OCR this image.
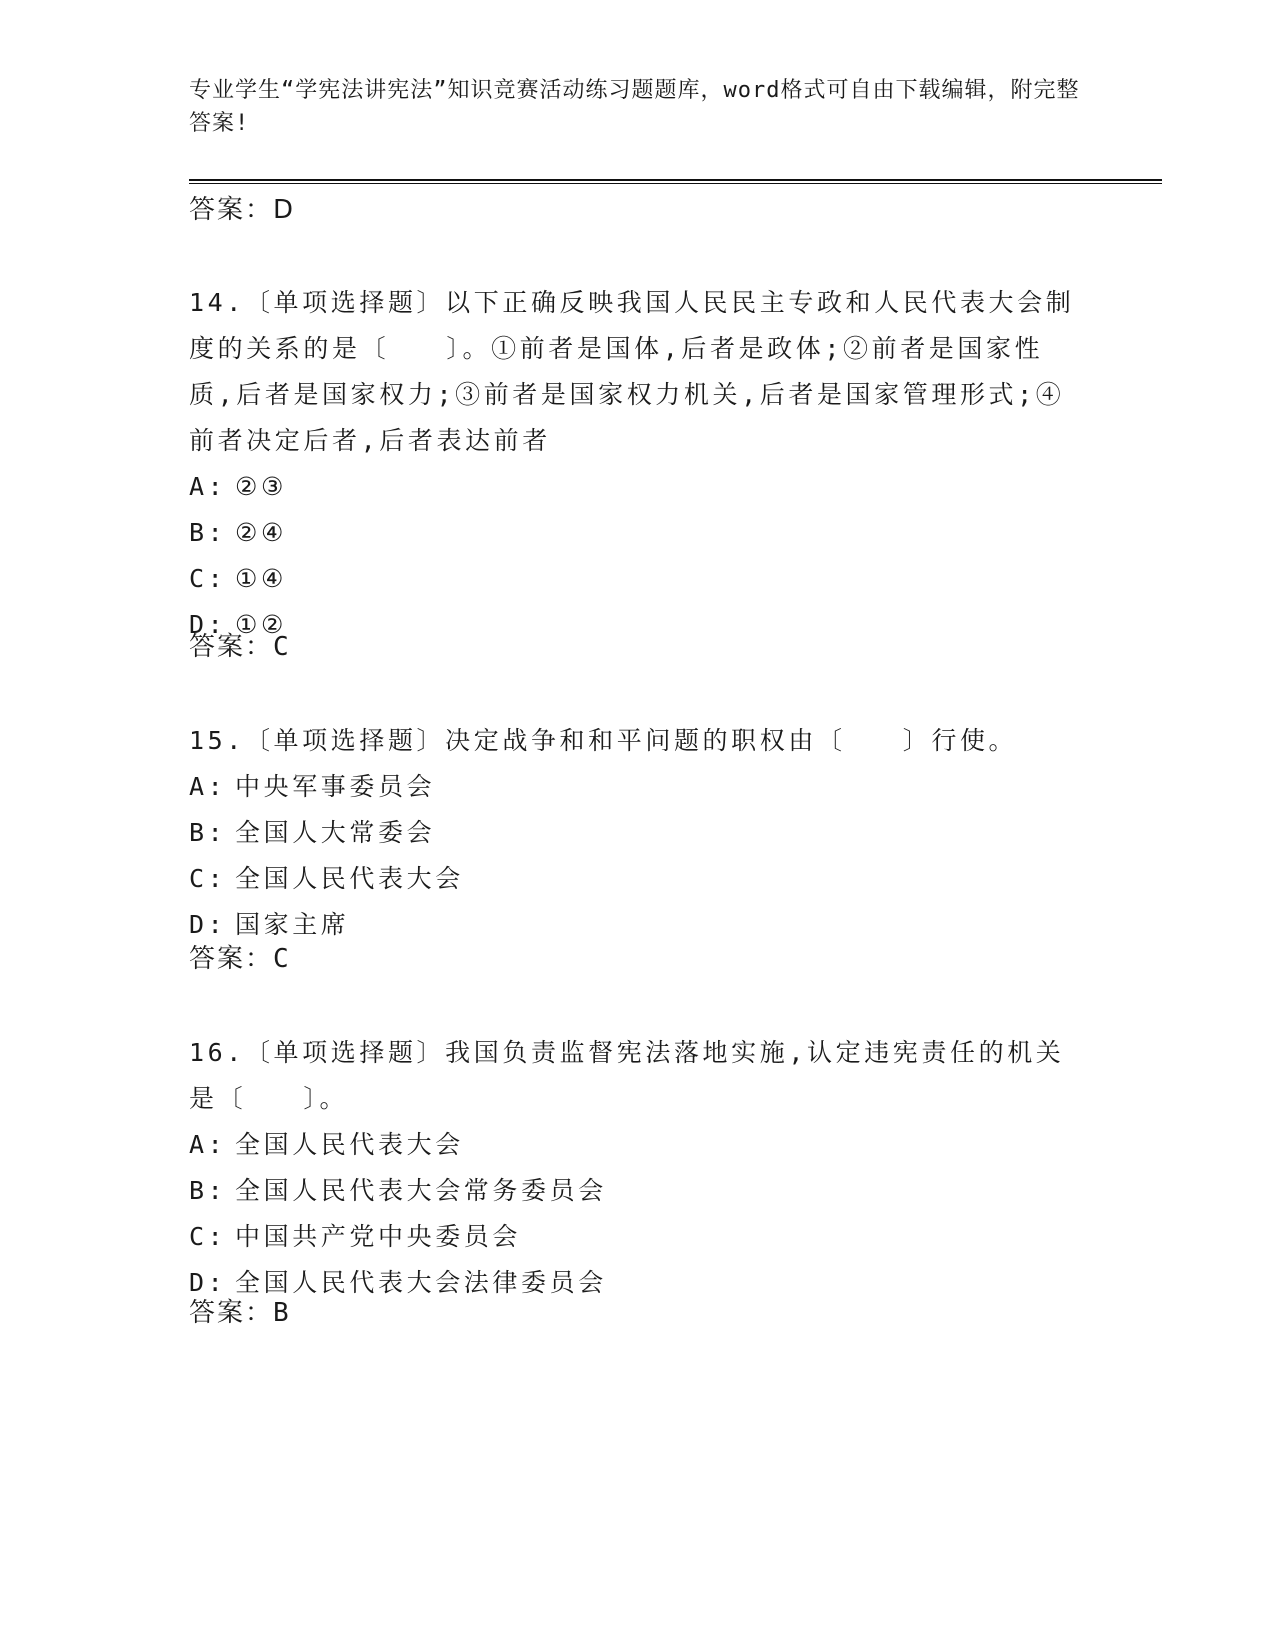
专业学生“学宪法讲宪法”知识竞赛活动练习题题库，word格式可自由下载编辑，附完整答案!
答案：D
14.〔单项选择题〕以下正确反映我国人民民主专政和人民代表大会制度的关系的是〔　　〕。①前者是国体,后者是政体;②前者是国家性质,后者是国家权力;③前者是国家权力机关,后者是国家管理形式;④前者决定后者,后者表达前者
A: ②③
B: ②④
C: ①④
D: ①②
答案：C
15.〔单项选择题〕决定战争和和平问题的职权由〔　　〕行使。
A: 中央军事委员会
B: 全国人大常委会
C: 全国人民代表大会
D: 国家主席
答案：C
16.〔单项选择题〕我国负责监督宪法落地实施,认定违宪责任的机关是〔　　〕。
A: 全国人民代表大会
B: 全国人民代表大会常务委员会
C: 中国共产党中央委员会
D: 全国人民代表大会法律委员会
答案：B
